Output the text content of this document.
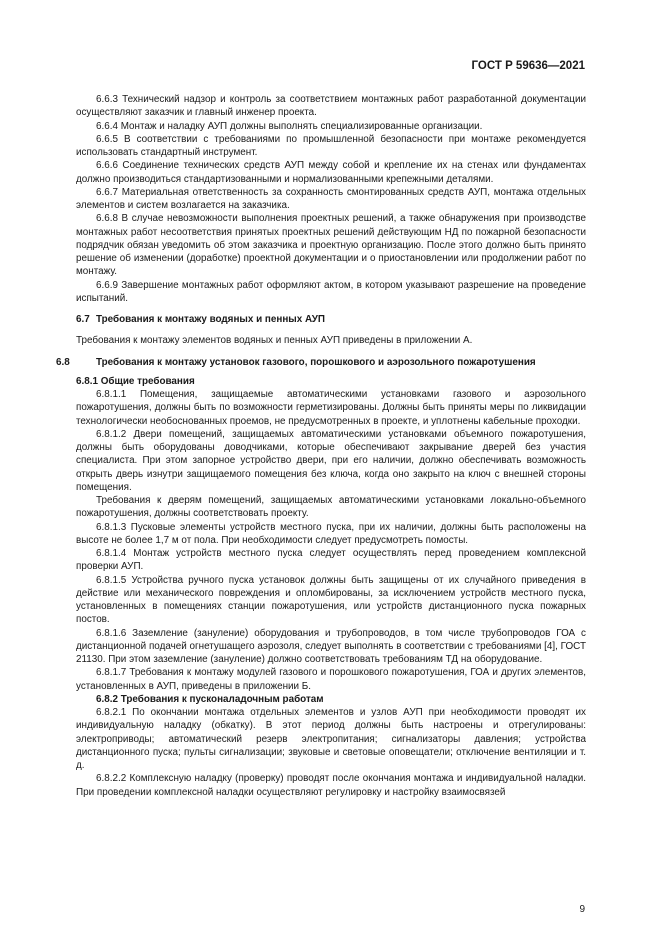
ГОСТ Р 59636—2021

6.6.3 Технический надзор и контроль за соответствием монтажных работ разработанной документации осуществляют заказчик и главный инженер проекта.

6.6.4 Монтаж и наладку АУП должны выполнять специализированные организации.

6.6.5 В соответствии с требованиями по промышленной безопасности при монтаже рекомендуется использовать стандартный инструмент.

6.6.6 Соединение технических средств АУП между собой и крепление их на стенах или фундаментах должно производиться стандартизованными и нормализованными крепежными деталями.

6.6.7 Материальная ответственность за сохранность смонтированных средств АУП, монтажа отдельных элементов и систем возлагается на заказчика.

6.6.8 В случае невозможности выполнения проектных решений, а также обнаружения при производстве монтажных работ несоответствия принятых проектных решений действующим НД по пожарной безопасности подрядчик обязан уведомить об этом заказчика и проектную организацию. После этого должно быть принято решение об изменении (доработке) проектной документации и о приостановлении или продолжении работ по монтажу.

6.6.9 Завершение монтажных работ оформляют актом, в котором указывают разрешение на проведение испытаний.

6.7 Требования к монтажу водяных и пенных АУП

Требования к монтажу элементов водяных и пенных АУП приведены в приложении А.

6.8	Требования к монтажу установок газового, порошкового и аэрозольного пожаротушения

6.8.1 Общие требования

6.8.1.1 Помещения, защищаемые автоматическими установками газового и аэрозольного пожаротушения, должны быть по возможности герметизированы. Должны быть приняты меры по ликвидации технологически необоснованных проемов, не предусмотренных в проекте, и уплотнены кабельные проходки.

6.8.1.2 Двери помещений, защищаемых автоматическими установками объемного пожаротушения, должны быть оборудованы доводчиками, которые обеспечивают закрывание дверей без участия специалиста. При этом запорное устройство двери, при его наличии, должно обеспечивать возможность открыть дверь изнутри защищаемого помещения без ключа, когда оно закрыто на ключ с внешней стороны помещения.

Требования к дверям помещений, защищаемых автоматическими установками локально-объемного пожаротушения, должны соответствовать проекту.

6.8.1.3 Пусковые элементы устройств местного пуска, при их наличии, должны быть расположены на высоте не более 1,7 м от пола. При необходимости следует предусмотреть помосты.

6.8.1.4 Монтаж устройств местного пуска следует осуществлять перед проведением комплексной проверки АУП.

6.8.1.5 Устройства ручного пуска установок должны быть защищены от их случайного приведения в действие или механического повреждения и опломбированы, за исключением устройств местного пуска, установленных в помещениях станции пожаротушения, или устройств дистанционного пуска пожарных постов.

6.8.1.6 Заземление (зануление) оборудования и трубопроводов, в том числе трубопроводов ГОА с дистанционной подачей огнетушащего аэрозоля, следует выполнять в соответствии с требованиями [4], ГОСТ 21130. При этом заземление (зануление) должно соответствовать требованиям ТД на оборудование.

6.8.1.7 Требования к монтажу модулей газового и порошкового пожаротушения, ГОА и других элементов, установленных в АУП, приведены в приложении Б.

6.8.2 Требования к пусконаладочным работам

6.8.2.1 По окончании монтажа отдельных элементов и узлов АУП при необходимости проводят их индивидуальную наладку (обкатку). В этот период должны быть настроены и отрегулированы: электроприводы; автоматический резерв электропитания; сигнализаторы давления; устройства дистанционного пуска; пульты сигнализации; звуковые и световые оповещатели; отключение вентиляции и т. д.

6.8.2.2 Комплексную наладку (проверку) проводят после окончания монтажа и индивидуальной наладки. При проведении комплексной наладки осуществляют регулировку и настройку взаимосвязей

9
